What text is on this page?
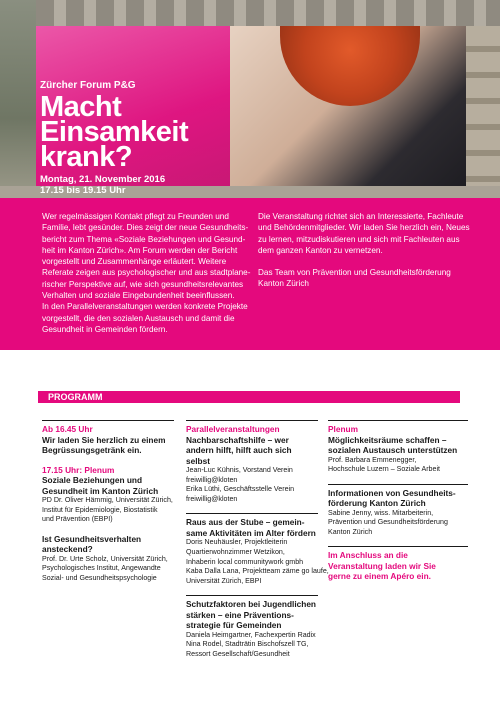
Zürcher Forum P&G
Macht
Einsamkeit
krank?
Montag, 21. November 2016
17.15 bis 19.15 Uhr

Wer regelmässigen Kontakt pflegt zu Freunden und
Familie, lebt gesünder. Dies zeigt der neue Gesundheits-
bericht zum Thema «Soziale Beziehungen und Gesund-
heit im Kanton Zürich». Am Forum werden der Bericht
vorgestellt und Zusammenhänge erläutert. Weitere
Referate zeigen aus psychologischer und aus stadtplane-
rischer Perspektive auf, wie sich gesundheitsrelevantes
Verhalten und soziale Eingebundenheit beeinflussen.
In den Parallelveranstaltungen werden konkrete Projekte
vorgestellt, die den sozialen Austausch und damit die
Gesundheit in Gemeinden fördern.

Die Veranstaltung richtet sich an Interessierte, Fachleute
und Behördenmitglieder. Wir laden Sie herzlich ein, Neues
zu lernen, mitzudiskutieren und sich mit Fachleuten aus
dem ganzen Kanton zu vernetzen.

Das Team von Prävention und Gesundheitsförderung
Kanton Zürich

PROGRAMM
Ab 16.45 Uhr
Wir laden Sie herzlich zu einem
Begrüssungsgetränk ein.
17.15 Uhr: Plenum
Soziale Beziehungen und
Gesundheit im Kanton Zürich
PD Dr. Oliver Hämmig, Universität Zürich,
Institut für Epidemiologie, Biostatistik
und Prävention (EBPI)
Ist Gesundheitsverhalten
ansteckend?
Prof. Dr. Urte Scholz, Universität Zürich,
Psychologisches Institut, Angewandte
Sozial- und Gesundheitspsychologie
Parallelveranstaltungen
Nachbarschaftshilfe – wer
andern hilft, hilft auch sich
selbst
Jean-Luc Kühnis, Vorstand Verein
freiwillig@kloten
Erika Lüthi, Geschäftsstelle Verein
freiwillig@kloten
Raus aus der Stube – gemein-
same Aktivitäten im Alter fördern
Doris Neuhäusler, Projektleiterin
Quartierwohnzimmer Wetzikon,
Inhaberin local communitywork gmbh
Kaba Dalla Lana, Projektteam zäme go laufe,
Universität Zürich, EBPI
Schutzfaktoren bei Jugendlichen
stärken – eine Präventions-
strategie für Gemeinden
Daniela Heimgartner, Fachexpertin Radix
Nina Rodel, Stadträtin Bischofszell TG,
Ressort Gesellschaft/Gesundheit
Plenum
Möglichkeitsräume schaffen –
sozialen Austausch unterstützen
Prof. Barbara Emmenegger,
Hochschule Luzern – Soziale Arbeit
Informationen von Gesundheits-
förderung Kanton Zürich
Sabine Jenny, wiss. Mitarbeiterin,
Prävention und Gesundheitsförderung
Kanton Zürich
Im Anschluss an die
Veranstaltung laden wir Sie
gerne zu einem Apéro ein.
